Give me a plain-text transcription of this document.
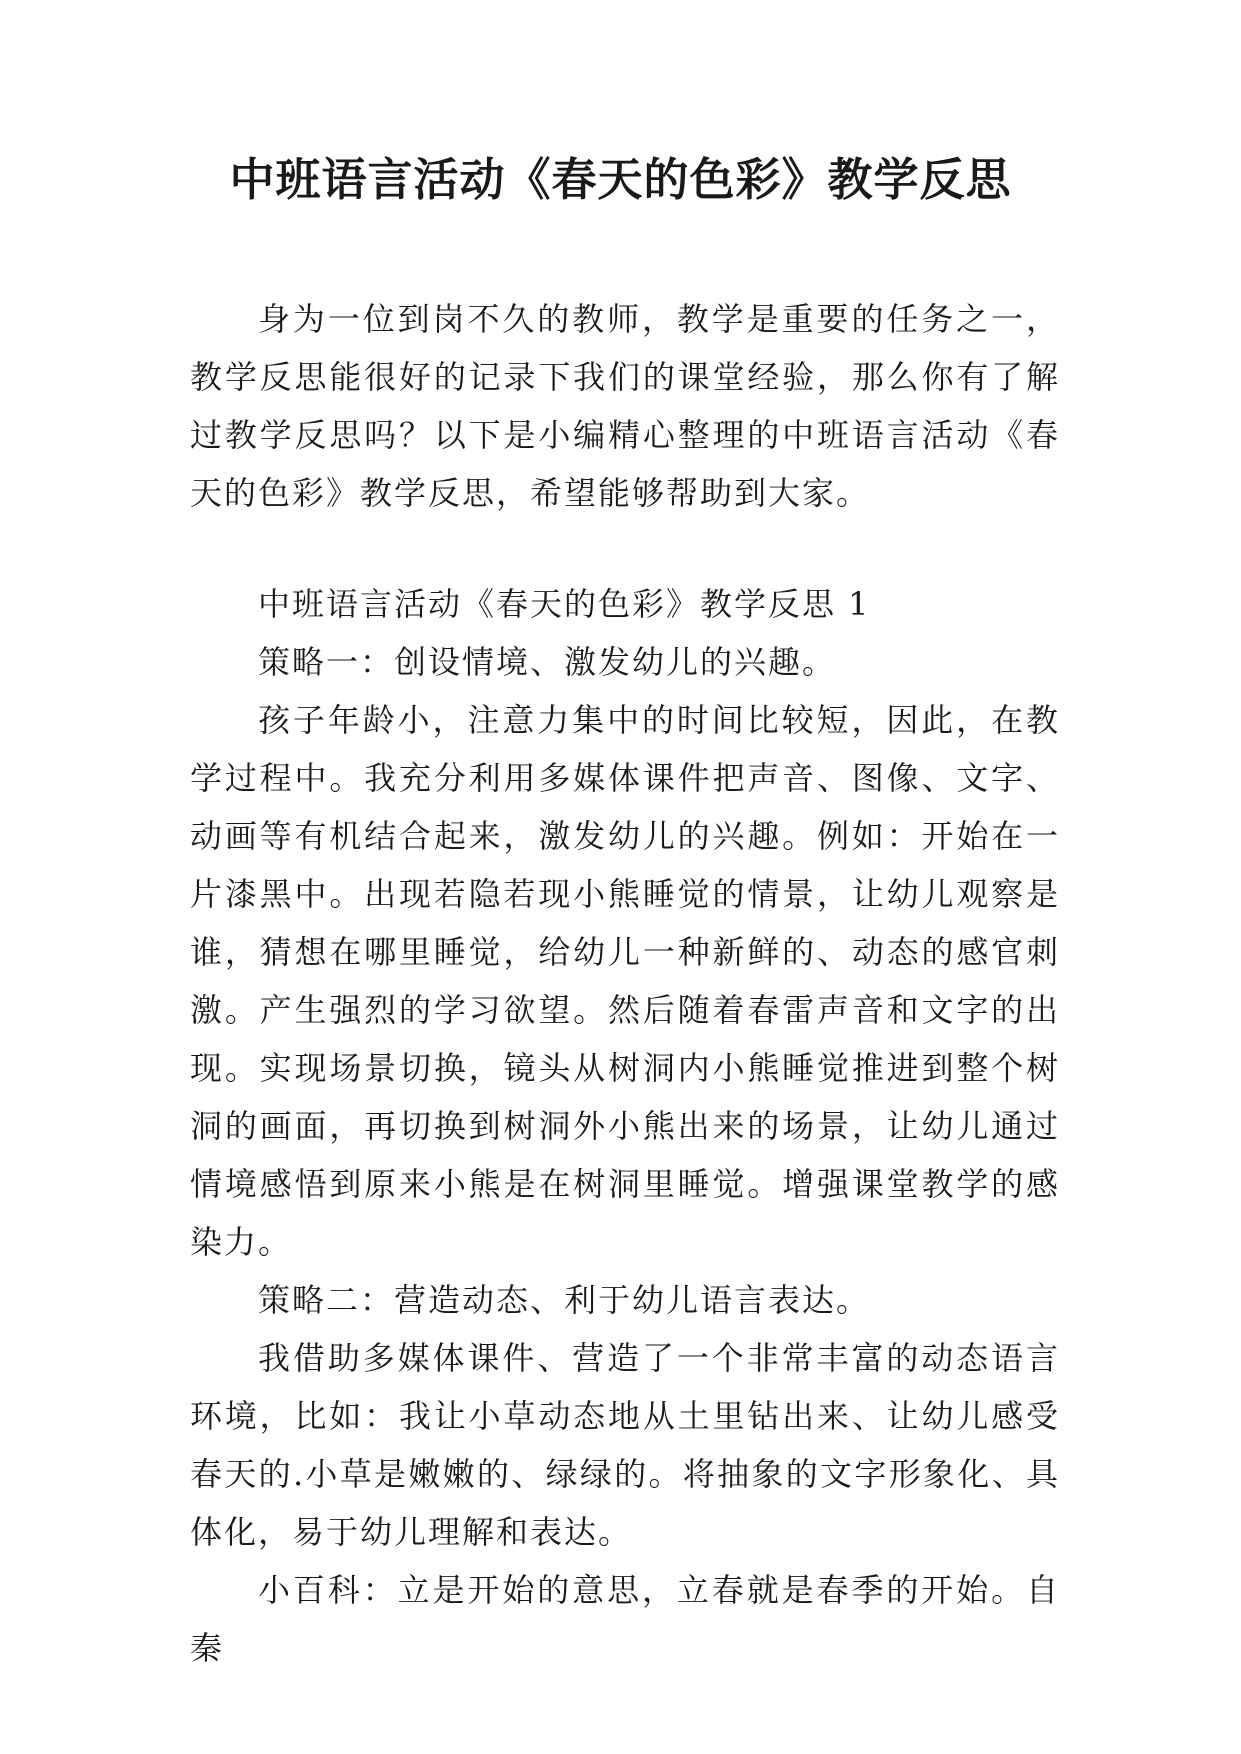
中班语言活动《春天的色彩》教学反思

身为一位到岗不久的教师，教学是重要的任务之一，教学反思能很好的记录下我们的课堂经验，那么你有了解过教学反思吗？以下是小编精心整理的中班语言活动《春天的色彩》教学反思，希望能够帮助到大家。

中班语言活动《春天的色彩》教学反思 1

策略一：创设情境、激发幼儿的兴趣。

孩子年龄小，注意力集中的时间比较短，因此，在教学过程中。我充分利用多媒体课件把声音、图像、文字、动画等有机结合起来，激发幼儿的兴趣。例如：开始在一片漆黑中。出现若隐若现小熊睡觉的情景，让幼儿观察是谁，猜想在哪里睡觉，给幼儿一种新鲜的、动态的感官刺激。产生强烈的学习欲望。然后随着春雷声音和文字的出现。实现场景切换，镜头从树洞内小熊睡觉推进到整个树洞的画面，再切换到树洞外小熊出来的场景，让幼儿通过情境感悟到原来小熊是在树洞里睡觉。增强课堂教学的感染力。

策略二：营造动态、利于幼儿语言表达。

我借助多媒体课件、营造了一个非常丰富的动态语言环境，比如：我让小草动态地从土里钻出来、让幼儿感受春天的.小草是嫩嫩的、绿绿的。将抽象的文字形象化、具体化，易于幼儿理解和表达。

小百科：立是开始的意思，立春就是春季的开始。自秦
